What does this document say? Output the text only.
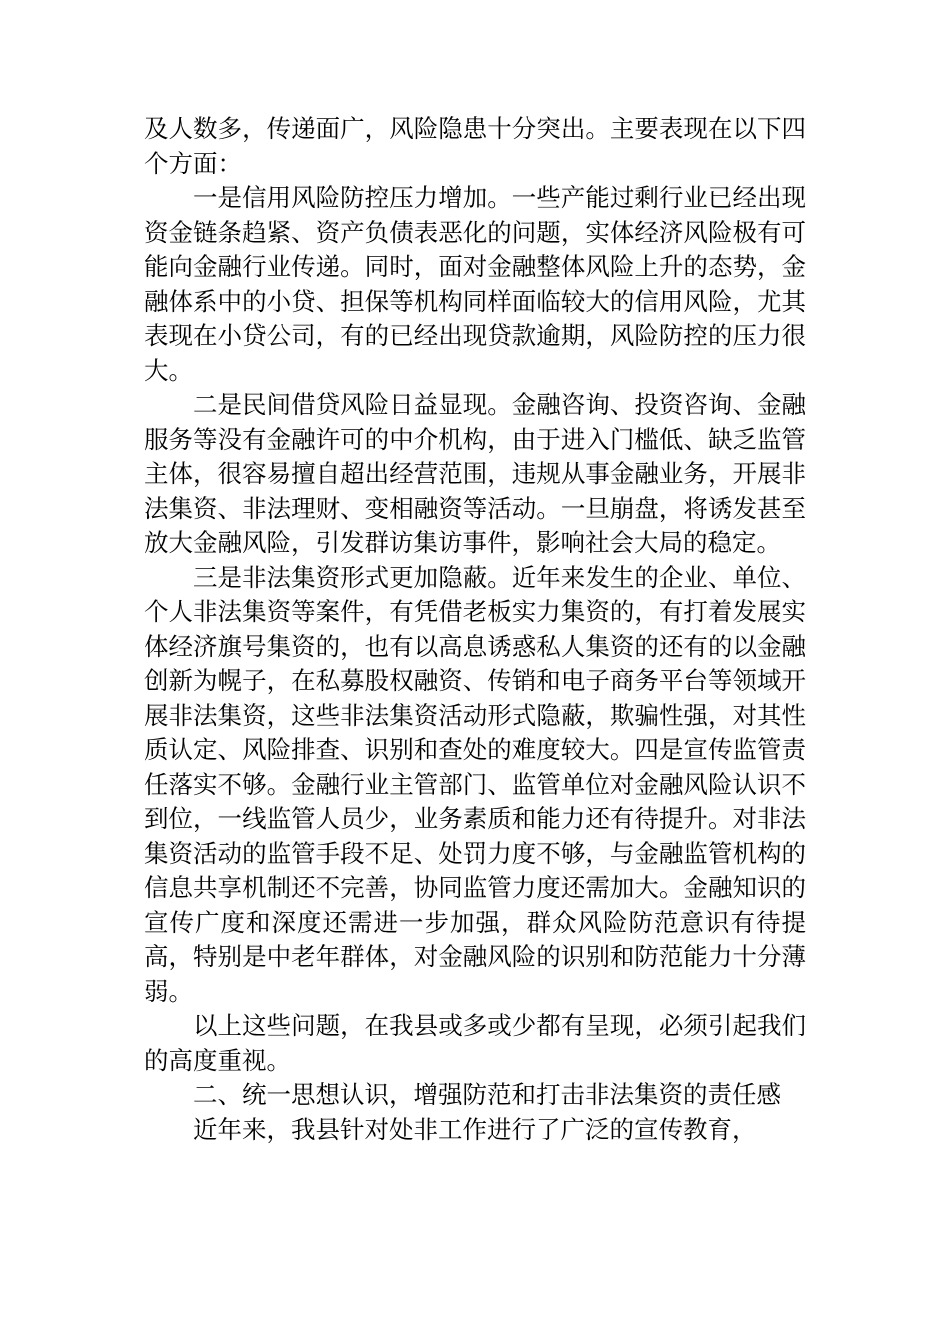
及人数多，传递面广，风险隐患十分突出。主要表现在以下四个方面：

一是信用风险防控压力增加。一些产能过剩行业已经出现资金链条趋紧、资产负债表恶化的问题，实体经济风险极有可能向金融行业传递。同时，面对金融整体风险上升的态势，金融体系中的小贷、担保等机构同样面临较大的信用风险，尤其表现在小贷公司，有的已经出现贷款逾期，风险防控的压力很大。

二是民间借贷风险日益显现。金融咨询、投资咨询、金融服务等没有金融许可的中介机构，由于进入门槛低、缺乏监管主体，很容易擅自超出经营范围，违规从事金融业务，开展非法集资、非法理财、变相融资等活动。一旦崩盘，将诱发甚至放大金融风险，引发群访集访事件，影响社会大局的稳定。

三是非法集资形式更加隐蔽。近年来发生的企业、单位、个人非法集资等案件，有凭借老板实力集资的，有打着发展实体经济旗号集资的，也有以高息诱惑私人集资的还有的以金融创新为幌子，在私募股权融资、传销和电子商务平台等领域开展非法集资，这些非法集资活动形式隐蔽，欺骗性强，对其性质认定、风险排查、识别和查处的难度较大。四是宣传监管责任落实不够。金融行业主管部门、监管单位对金融风险认识不到位，一线监管人员少，业务素质和能力还有待提升。对非法集资活动的监管手段不足、处罚力度不够，与金融监管机构的信息共享机制还不完善，协同监管力度还需加大。金融知识的宣传广度和深度还需进一步加强，群众风险防范意识有待提高，特别是中老年群体，对金融风险的识别和防范能力十分薄弱。

以上这些问题，在我县或多或少都有呈现，必须引起我们的高度重视。

二、统一思想认识，增强防范和打击非法集资的责任感

近年来，我县针对处非工作进行了广泛的宣传教育，
